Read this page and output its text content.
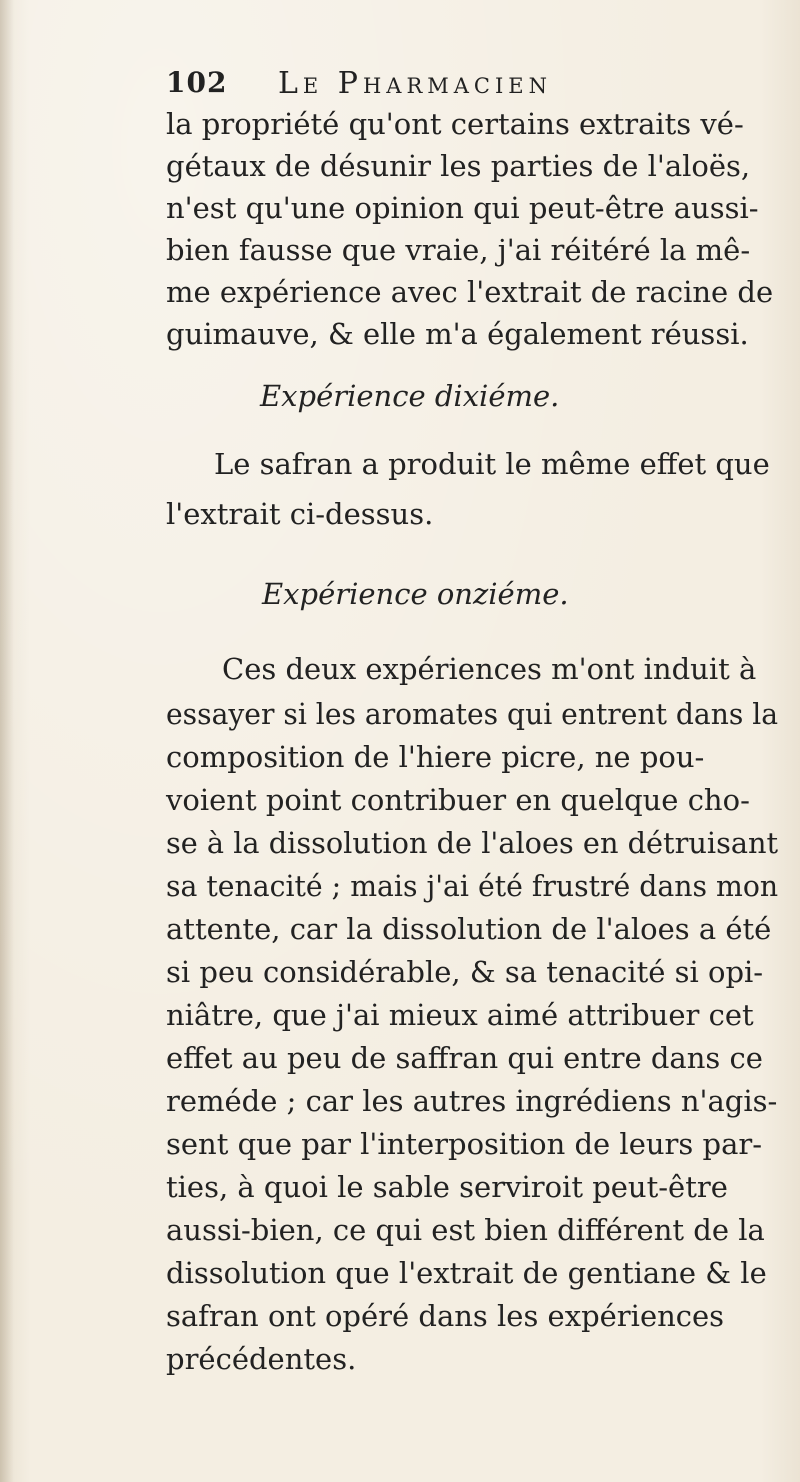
102 Le Pharmacien
la propriété qu'ont certains extraits vé-
gétaux de désunir les parties de l'aloës,
n'est qu'une opinion qui peut-être aussi-
bien fausse que vraie, j'ai réitéré la mê-
me expérience avec l'extrait de racine de
guimauve, & elle m'a également réussi.
Expérience dixiéme.
Le safran a produit le même effet que
l'extrait ci-dessus.
Expérience onziéme.
Ces deux expériences m'ont induit à
essayer si les aromates qui entrent dans la
composition de l'hiere picre, ne pou-
voient point contribuer en quelque cho-
se à la dissolution de l'aloes en détruisant
sa tenacité ; mais j'ai été frustré dans mon
attente, car la dissolution de l'aloes a été
si peu considérable, & sa tenacité si opi-
niâtre, que j'ai mieux aimé attribuer cet
effet au peu de saffran qui entre dans ce
reméde ; car les autres ingrédiens n'agis-
sent que par l'interposition de leurs par-
ties, à quoi le sable serviroit peut-être
aussi-bien, ce qui est bien différent de la
dissolution que l'extrait de gentiane & le
safran ont opéré dans les expériences
précédentes.
